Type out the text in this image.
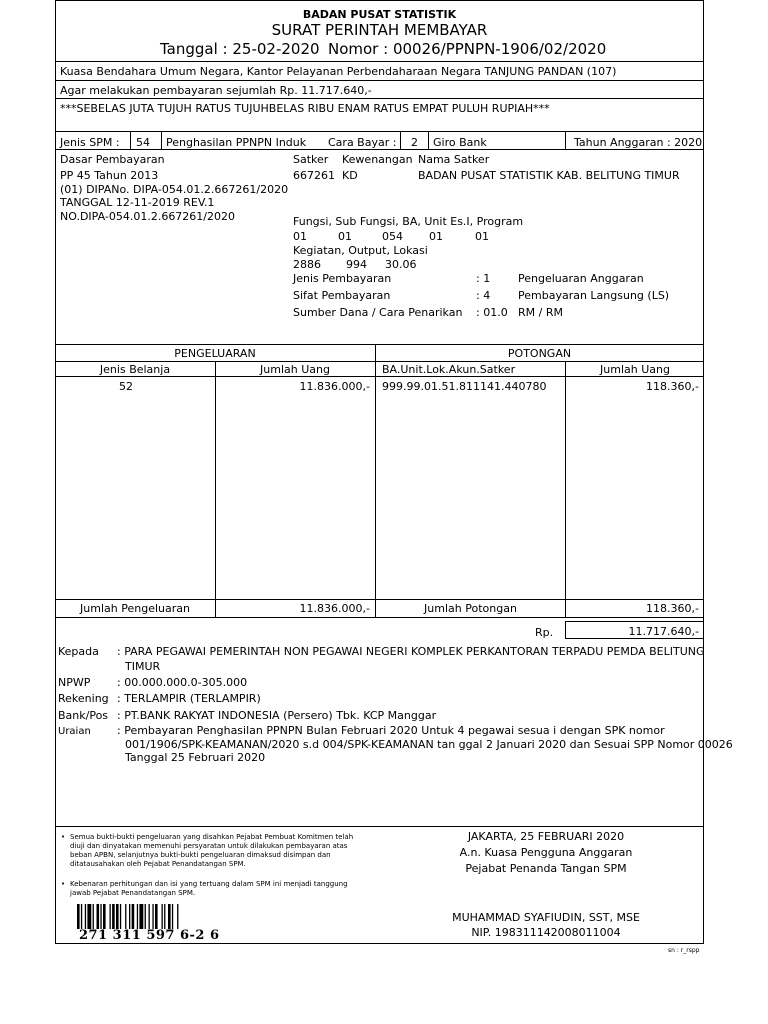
BADAN PUSAT STATISTIK
SURAT PERINTAH MEMBAYAR
Tanggal : 25-02-2020 Nomor : 00026/PPNPN-1906/02/2020
Kuasa Bendahara Umum Negara, Kantor Pelayanan Perbendaharaan Negara TANJUNG PANDAN (107)
Agar melakukan pembayaran sejumlah Rp. 11.717.640,-
***SEBELAS JUTA TUJUH RATUS TUJUHBELAS RIBU ENAM RATUS EMPAT PULUH RUPIAH***
Jenis SPM : 54 Penghasilan PPNPN Induk Cara Bayar : 2 Giro Bank	Tahun Anggaran : 2020
Dasar Pembayaran
PP 45 Tahun 2013
(01) DIPANo. DIPA-054.01.2.667261/2020
TANGGAL 12-11-2019 REV.1
NO.DIPA-054.01.2.667261/2020
Satker Kewenangan Nama Satker
667261 KD	BADAN PUSAT STATISTIK KAB. BELITUNG TIMUR
Fungsi, Sub Fungsi, BA, Unit Es.I, Program
01	01	054 01	01
Kegiatan, Output, Lokasi
2886 994 30.06
Jenis Pembayaran	: 1	Pengeluaran Anggaran
Sifat Pembayaran	: 4	Pembayaran Langsung (LS)
Sumber Dana / Cara Penarikan : 01.0 RM / RM
PENGELUARAN	POTONGAN
Jenis Belanja	Jumlah Uang	BA.Unit.Lok.Akun.Satker	Jumlah Uang
52	11.836.000,- 999.99.01.51.811141.440780	118.360,-
Jumlah Pengeluaran	11.836.000,-	Jumlah Potongan	118.360,-
Rp.	11.717.640,-
Kepada : PARA PEGAWAI PEMERINTAH NON PEGAWAI NEGERI KOMPLEK PERKANTORAN TERPADU PEMDA BELITUNG
TIMUR
NPWP : 00.000.000.0-305.000
Rekening : TERLAMPIR (TERLAMPIR)
Bank/Pos : PT.BANK RAKYAT INDONESIA (Persero) Tbk. KCP Manggar
Uraian : Pembayaran Penghasilan PPNPN Bulan Februari 2020 Untuk 4 pegawai sesua i dengan SPK nomor
001/1906/SPK-KEAMANAN/2020 s.d 004/SPK-KEAMANAN tan ggal 2 Januari 2020 dan Sesuai SPP Nomor 00026
Tanggal 25 Februari 2020
• Semua bukti-bukti pengeluaran yang disahkan Pejabat Pembuat Komitmen telah
diuji dan dinyatakan memenuhi persyaratan untuk dilakukan pembayaran atas
beban APBN, selanjutnya bukti-bukti pengeluaran dimaksud disimpan dan
ditatausahakan oleh Pejabat Penandatangan SPM.
• Kebenaran perhitungan dan isi yang tertuang dalam SPM ini menjadi tanggung
jawab Pejabat Penandatangan SPM.
271 311 597 6-2 6
JAKARTA, 25 FEBRUARI 2020
A.n. Kuasa Pengguna Anggaran
Pejabat Penanda Tangan SPM
MUHAMMAD SYAFIUDIN, SST, MSE
NIP. 198311142008011004
sn : r_rspp
